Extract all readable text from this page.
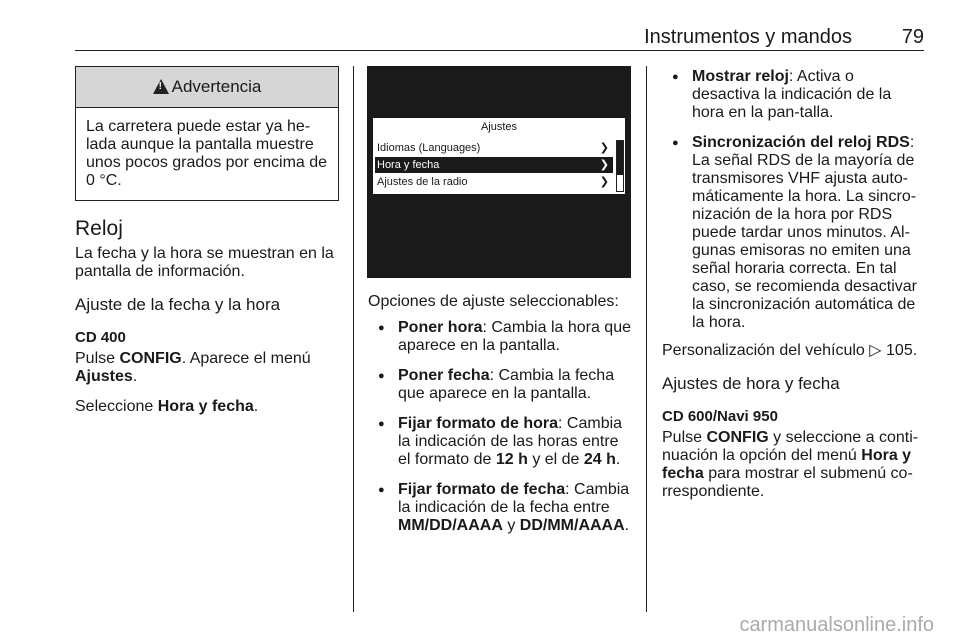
Instrumentos y mandos 79
!
Advertencia

La carretera puede estar ya he-lada aunque la pantalla muestre unos pocos grados por encima de 0 °C.

Reloj

La fecha y la hora se muestran en la pantalla de información.

Ajuste de la fecha y la hora

CD 400

Pulse CONFIG. Aparece el menú Ajustes.

Seleccione Hora y fecha.

Ajustes
Idiomas (Languages)	❯
Hora y fecha	❯
Ajustes de la radio	❯

Opciones de ajuste seleccionables:

● Poner hora: Cambia la hora que aparece en la pantalla.
● Poner fecha: Cambia la fecha que aparece en la pantalla.
● Fijar formato de hora: Cambia la indicación de las horas entre el formato de 12 h y el de 24 h.
● Fijar formato de fecha: Cambia la indicación de la fecha entre MM/DD/AAAA y DD/MM/AAAA.
● Mostrar reloj: Activa o desactiva la indicación de la hora en la pan-talla.
● Sincronización del reloj RDS: La señal RDS de la mayoría de transmisores VHF ajusta auto-máticamente la hora. La sincro-nización de la hora por RDS puede tardar unos minutos. Al-gunas emisoras no emiten una señal horaria correcta. En tal caso, se recomienda desactivar la sincronización automática de la hora.

Personalización del vehículo ▷ 105.

Ajustes de hora y fecha

CD 600/Navi 950

Pulse CONFIG y seleccione a conti-nuación la opción del menú Hora y fecha para mostrar el submenú co-rrespondiente.

carmanualsonline.info
